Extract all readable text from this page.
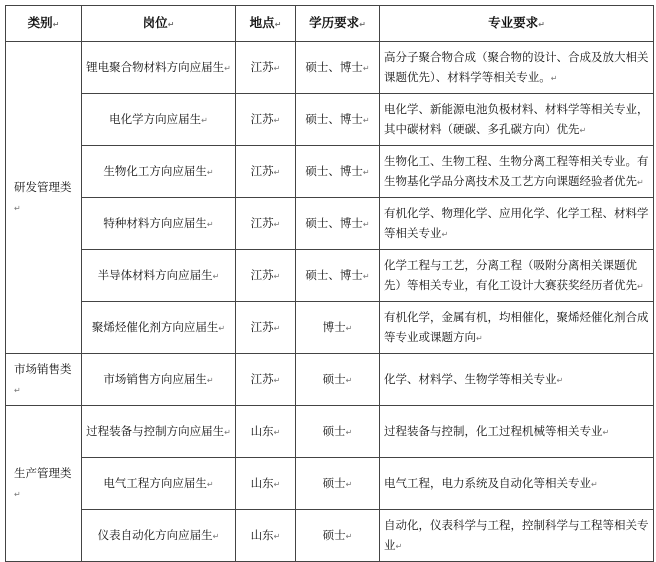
类别↵	岗位↵	地点↵	学历要求↵	专业要求↵
研发管理类↵	锂电聚合物材料方向应届生↵	江苏↵	硕士、博士↵	高分子聚合物合成（聚合物的设计、合成及放大相关课题优先）、材料学等相关专业。↵
	电化学方向应届生↵	江苏↵	硕士、博士↵	电化学、新能源电池负极材料、材料学等相关专业，其中碳材料（硬碳、多孔碳方向）优先↵
	生物化工方向应届生↵	江苏↵	硕士、博士↵	生物化工、生物工程、生物分离工程等相关专业。有生物基化学品分离技术及工艺方向课题经验者优先↵
	特种材料方向应届生↵	江苏↵	硕士、博士↵	有机化学、物理化学、应用化学、化学工程、材料学等相关专业↵
	半导体材料方向应届生↵	江苏↵	硕士、博士↵	化学工程与工艺，分离工程（吸附分离相关课题优先）等相关专业，有化工设计大赛获奖经历者优先↵
	聚烯烃催化剂方向应届生↵	江苏↵	博士↵	有机化学，金属有机，均相催化，聚烯烃催化剂合成等专业或课题方向↵
市场销售类↵	市场销售方向应届生↵	江苏↵	硕士↵	化学、材料学、生物学等相关专业↵
生产管理类↵	过程装备与控制方向应届生↵	山东↵	硕士↵	过程装备与控制，化工过程机械等相关专业↵
	电气工程方向应届生↵	山东↵	硕士↵	电气工程，电力系统及自动化等相关专业↵
	仪表自动化方向应届生↵	山东↵	硕士↵	自动化，仪表科学与工程，控制科学与工程等相关专业↵
